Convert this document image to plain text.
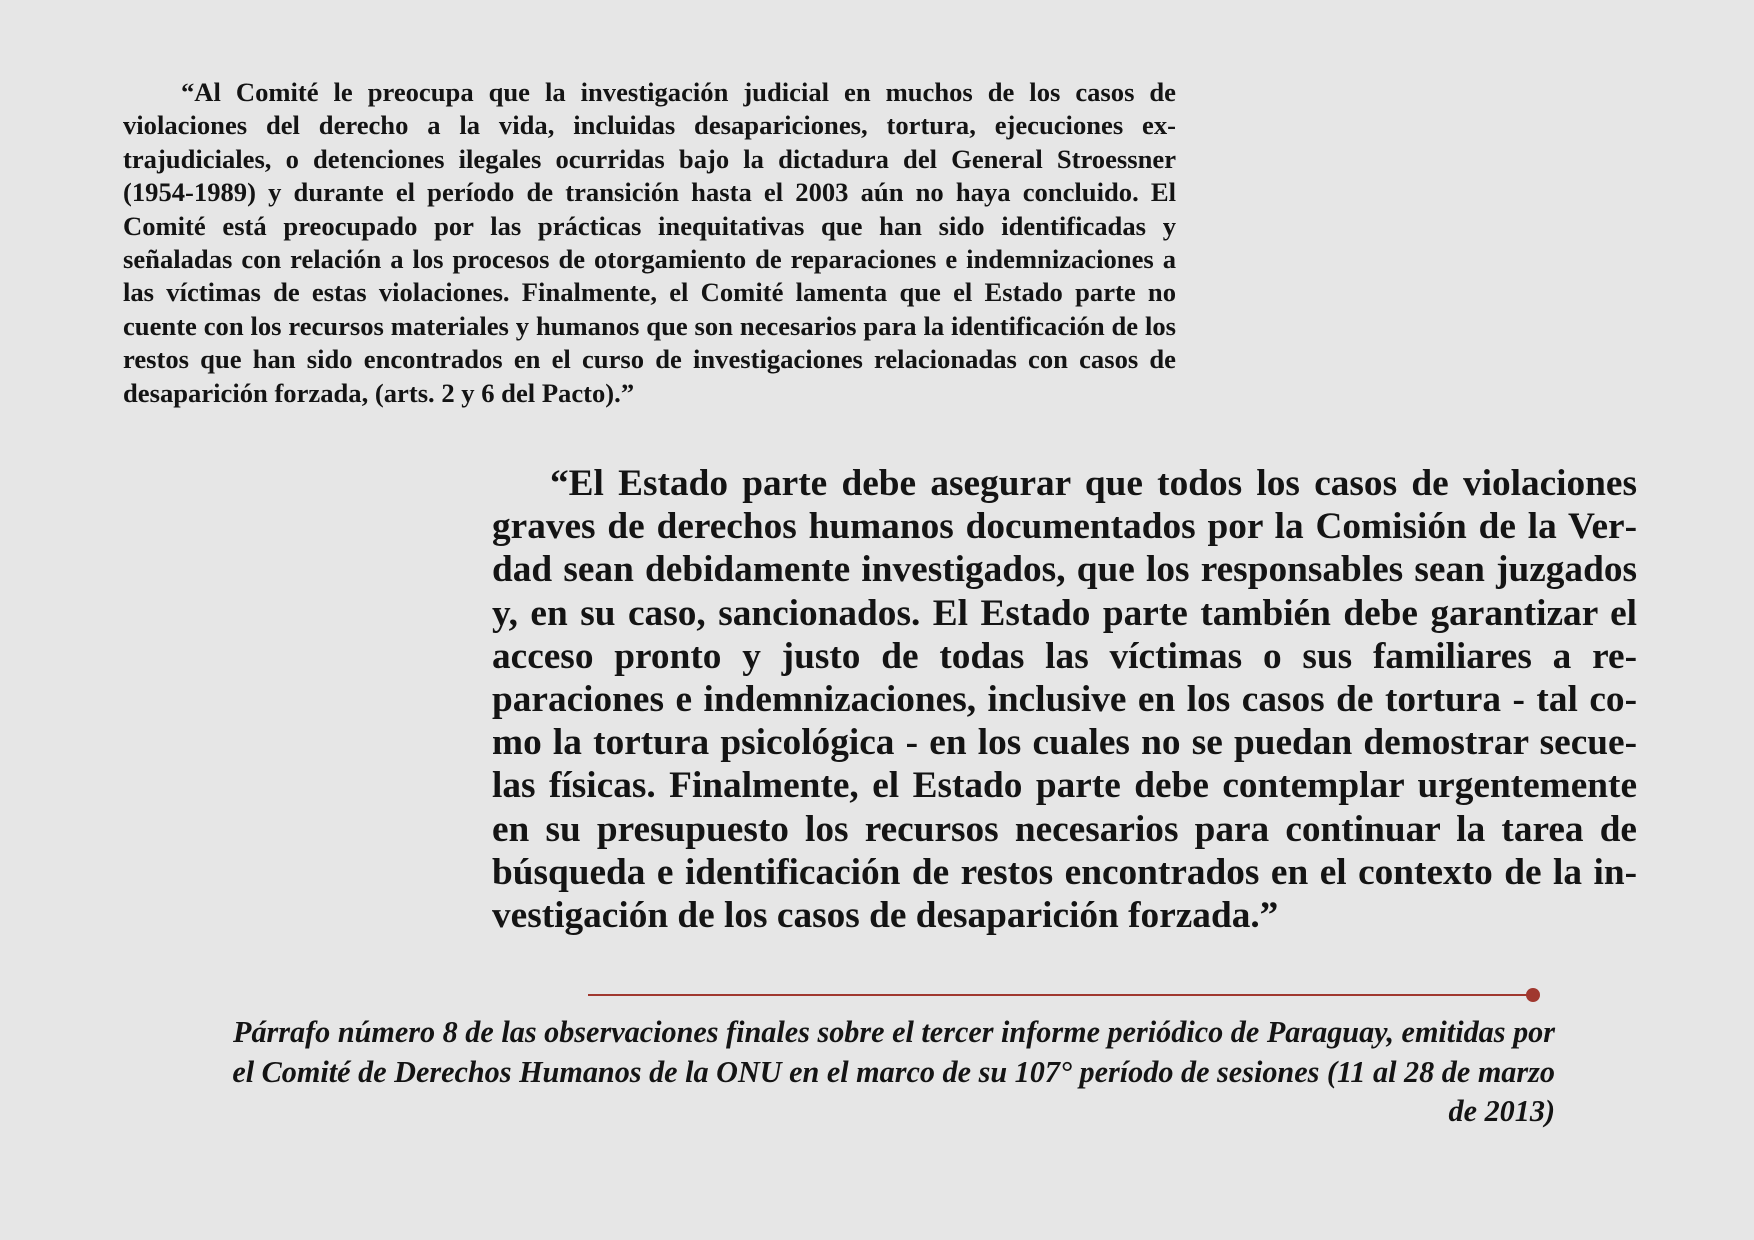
“Al Comité le preocupa que la investigación judicial en muchos de los casos de violaciones del derecho a la vida, incluidas desapariciones, tortura, ejecuciones extrajudiciales, o detenciones ilegales ocurridas bajo la dictadura del General Stroessner (1954-1989) y durante el período de transición hasta el 2003 aún no haya concluido. El Comité está preocupado por las prácticas inequitativas que han sido identificadas y señaladas con relación a los procesos de otorgamiento de reparaciones e indemnizaciones a las víctimas de estas violaciones. Finalmente, el Comité lamenta que el Estado parte no cuente con los recursos materiales y humanos que son necesarios para la identificación de los restos que han sido encontrados en el curso de investigaciones relacionadas con casos de desaparición forzada, (arts. 2 y 6 del Pacto).”

“El Estado parte debe asegurar que todos los casos de violaciones graves de derechos humanos documentados por la Comisión de la Verdad sean debidamente investigados, que los responsables sean juzgados y, en su caso, sancionados. El Estado parte también debe garantizar el acceso pronto y justo de todas las víctimas o sus familiares a reparaciones e indemnizaciones, inclusive en los casos de tortura - tal como la tortura psicológica - en los cuales no se puedan demostrar secuelas físicas. Finalmente, el Estado parte debe contemplar urgentemente en su presupuesto los recursos necesarios para continuar la tarea de búsqueda e identificación de restos encontrados en el contexto de la investigación de los casos de desaparición forzada.”

Párrafo número 8 de las observaciones finales sobre el tercer informe periódico de Paraguay, emitidas por el Comité de Derechos Humanos de la ONU en el marco de su 107° período de sesiones (11 al 28 de marzo de 2013)
